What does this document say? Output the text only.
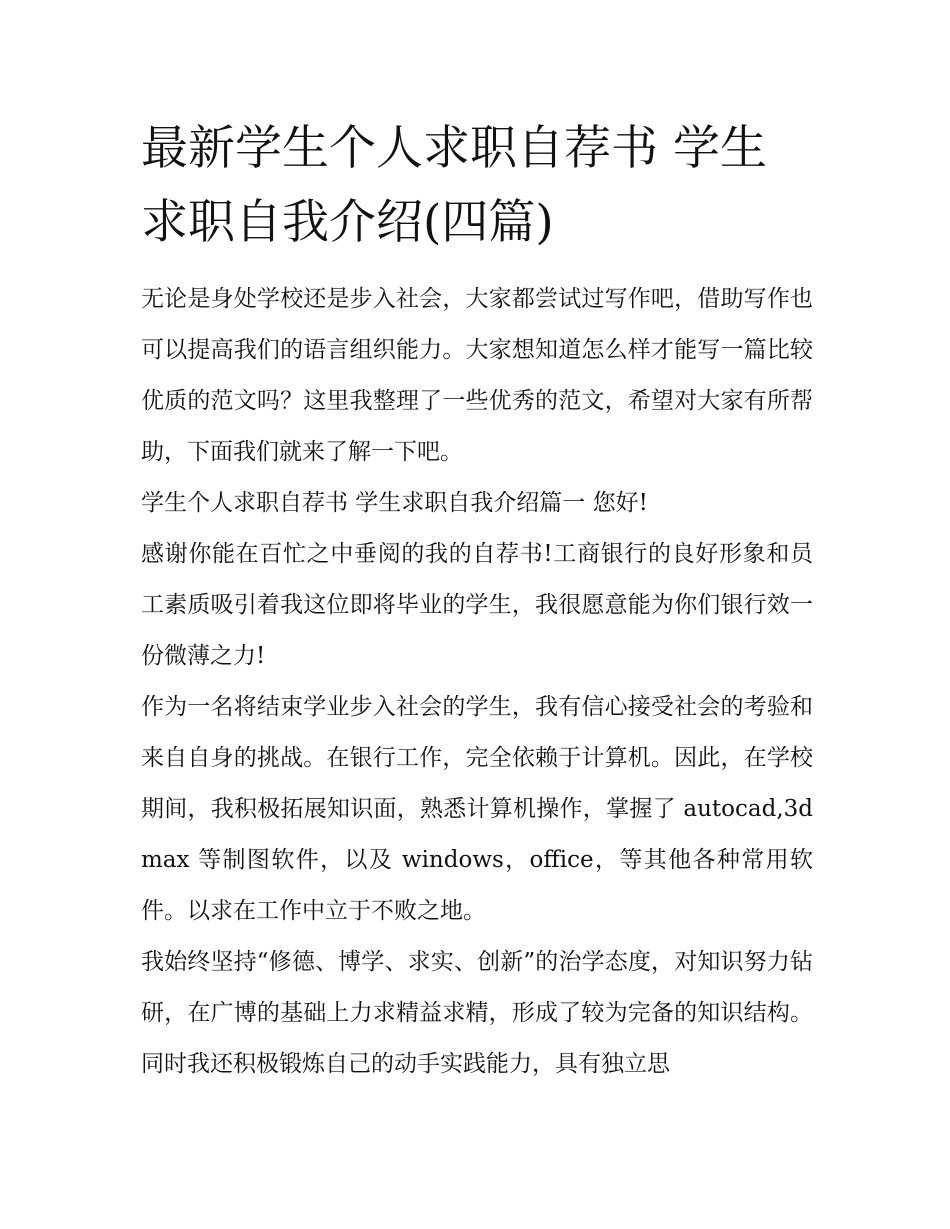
最新学生个人求职自荐书 学生求职自我介绍(四篇)

无论是身处学校还是步入社会，大家都尝试过写作吧，借助写作也可以提高我们的语言组织能力。大家想知道怎么样才能写一篇比较优质的范文吗？这里我整理了一些优秀的范文，希望对大家有所帮助，下面我们就来了解一下吧。

学生个人求职自荐书 学生求职自我介绍篇一 您好!

感谢你能在百忙之中垂阅的我的自荐书!工商银行的良好形象和员工素质吸引着我这位即将毕业的学生，我很愿意能为你们银行效一份微薄之力!

作为一名将结束学业步入社会的学生，我有信心接受社会的考验和来自自身的挑战。在银行工作，完全依赖于计算机。因此，在学校期间，我积极拓展知识面，熟悉计算机操作，掌握了 autocad,3dmax 等制图软件，以及 windows，office，等其他各种常用软件。以求在工作中立于不败之地。

我始终坚持“修德、博学、求实、创新”的治学态度，对知识努力钻研，在广博的基础上力求精益求精，形成了较为完备的知识结构。同时我还积极锻炼自己的动手实践能力，具有独立思
